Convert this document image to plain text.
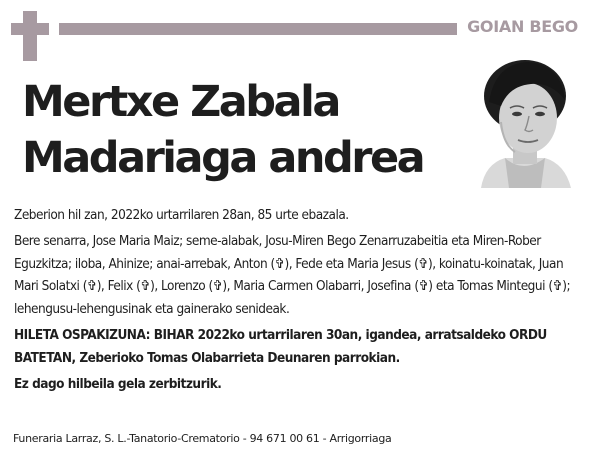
GOIAN BEGO
Mertxe Zabala
Madariaga andrea

Zeberion hil zan, 2022ko urtarrilaren 28an, 85 urte ebazala.

Bere senarra, Jose Maria Maiz; seme-alabak, Josu-Miren Bego Zenarruzabeitia eta Miren-Rober Eguzkitza; iloba, Ahinize; anai-arrebak, Anton (✞), Fede eta Maria Jesus (✞), koinatu-koinatak, Juan Mari Solatxi (✞), Felix (✞), Lorenzo (✞), Maria Carmen Olabarri, Josefina (✞) eta Tomas Mintegui (✞); lehengusu-lehengusinak eta gainerako senideak.

HILETA OSPAKIZUNA: BIHAR 2022ko urtarrilaren 30an, igandea, arratsaldeko ORDU BATETAN, Zeberioko Tomas Olabarrieta Deunaren parrokian.

Ez dago hilbeila gela zerbitzurik.

Funeraria Larraz, S. L.-Tanatorio-Crematorio - 94 671 00 61 - Arrigorriaga
